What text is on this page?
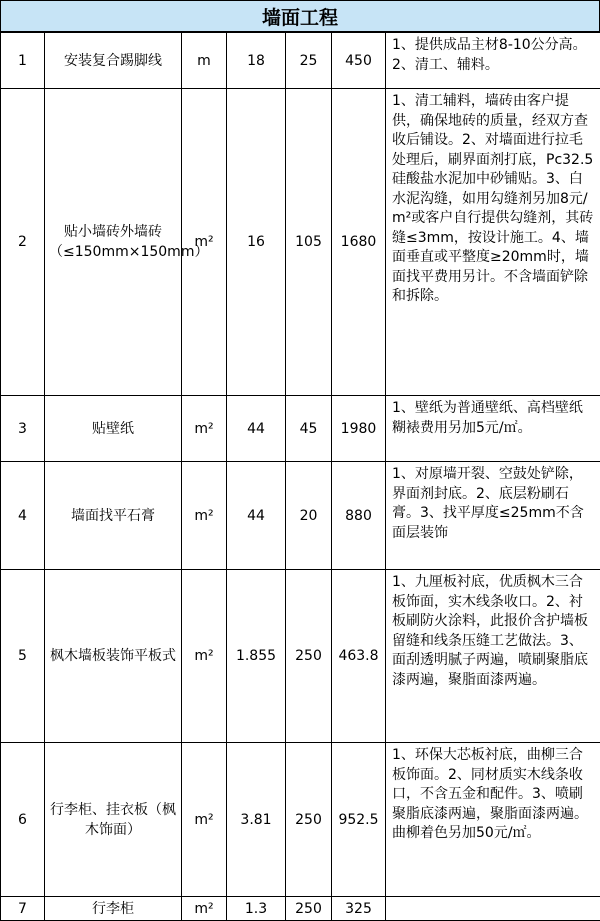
墙面工程
1	安装复合踢脚线	m	18	25	450	1、提供成品主材8-10公分高。2、清工、辅料。
2	贴小墙砖外墙砖（≤150mm×150mm）	m²	16	105	1680	1、清工辅料，墙砖由客户提供，确保地砖的质量，经双方查收后铺设。2、对墙面进行拉毛处理后，刷界面剂打底，Pc32.5硅酸盐水泥加中砂铺贴。3、白水泥沟缝，如用勾缝剂另加8元/m²或客户自行提供勾缝剂，其砖缝≤3mm，按设计施工。4、墙面垂直或平整度≥20mm时，墙面找平费用另计。不含墙面铲除和拆除。
3	贴壁纸	m²	44	45	1980	1、壁纸为普通壁纸、高档壁纸糊裱费用另加5元/㎡。
4	墙面找平石膏	m²	44	20	880	1、对原墙开裂、空鼓处铲除，界面剂封底。2、底层粉刷石膏。3、找平厚度≤25mm不含面层装饰
5	枫木墙板装饰平板式	m²	1.855	250	463.8	1、九厘板衬底，优质枫木三合板饰面，实木线条收口。2、衬板刷防火涂料，此报价含护墙板留缝和线条压缝工艺做法。3、面刮透明腻子两遍，喷刷聚脂底漆两遍，聚脂面漆两遍。
6	行李柜、挂衣板（枫木饰面）	m²	3.81	250	952.5	1、环保大芯板衬底，曲柳三合板饰面。2、同材质实木线条收口，不含五金和配件。3、喷刷聚脂底漆两遍，聚脂面漆两遍。曲柳着色另加50元/㎡。
7	行李柜	m²	1.3	250	325	
